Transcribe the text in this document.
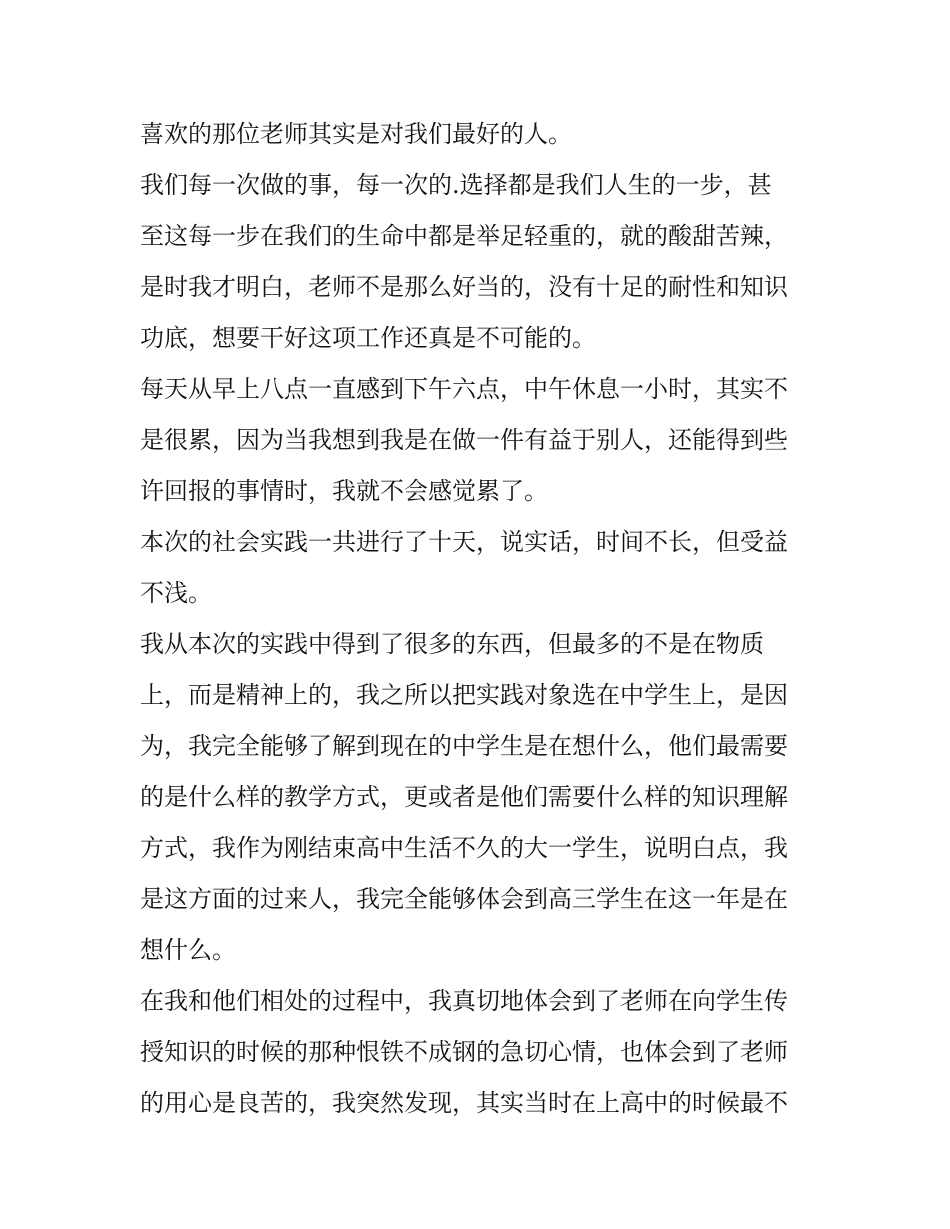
喜欢的那位老师其实是对我们最好的人。

我们每一次做的事，每一次的.选择都是我们人生的一步，甚
至这每一步在我们的生命中都是举足轻重的，就的酸甜苦辣，
是时我才明白，老师不是那么好当的，没有十足的耐性和知识
功底，想要干好这项工作还真是不可能的。

每天从早上八点一直感到下午六点，中午休息一小时，其实不
是很累，因为当我想到我是在做一件有益于别人，还能得到些
许回报的事情时，我就不会感觉累了。

本次的社会实践一共进行了十天，说实话，时间不长，但受益
不浅。

我从本次的实践中得到了很多的东西，但最多的不是在物质
上，而是精神上的，我之所以把实践对象选在中学生上，是因
为，我完全能够了解到现在的中学生是在想什么，他们最需要
的是什么样的教学方式，更或者是他们需要什么样的知识理解
方式，我作为刚结束高中生活不久的大一学生，说明白点，我
是这方面的过来人，我完全能够体会到高三学生在这一年是在
想什么。

在我和他们相处的过程中，我真切地体会到了老师在向学生传
授知识的时候的那种恨铁不成钢的急切心情，也体会到了老师
的用心是良苦的，我突然发现，其实当时在上高中的时候最不
